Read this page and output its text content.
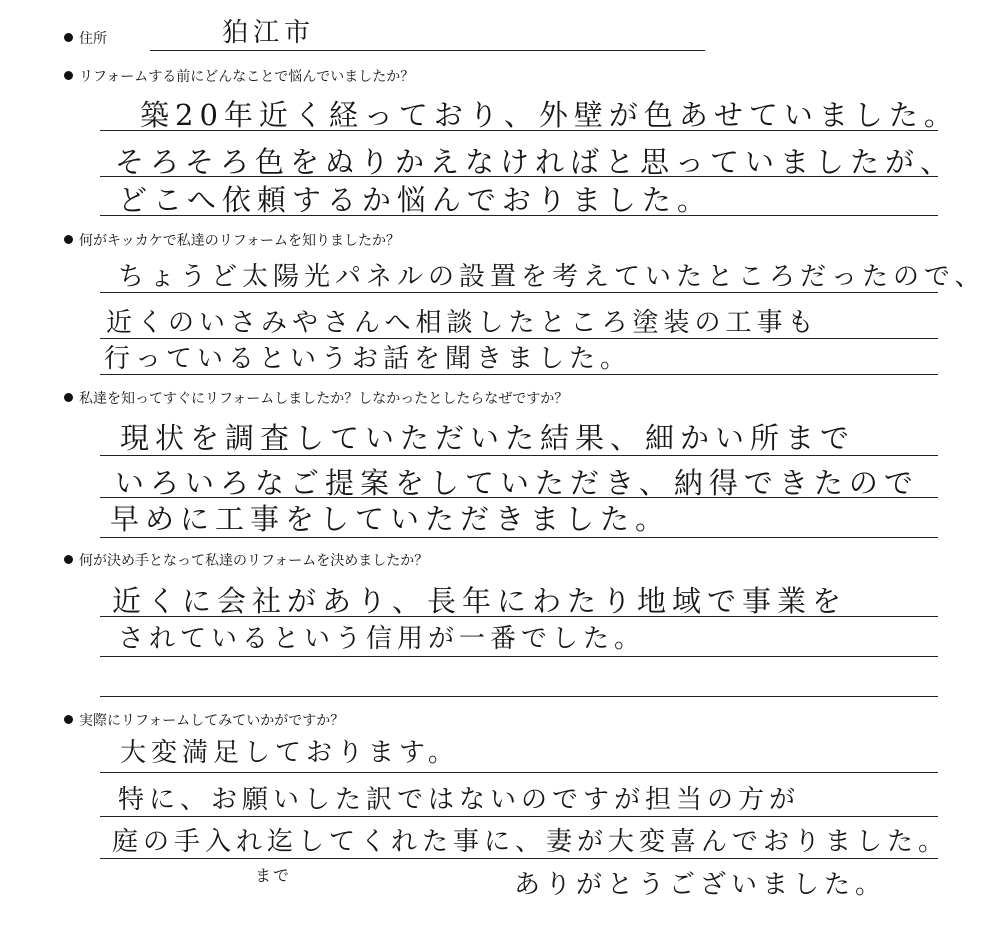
住所	狛江市
リフォームする前にどんなことで悩んでいましたか？
築20年近く経っており、外壁が色あせていました。
そろそろ色をぬりかえなければと思っていましたが、
どこへ依頼するか悩んでおりました。
何がキッカケで私達のリフォームを知りましたか？
ちょうど太陽光パネルの設置を考えていたところだったので、
近くのいさみやさんへ相談したところ塗装の工事も
行っているというお話を聞きました。
私達を知ってすぐにリフォームしましたか？しなかったとしたらなぜですか？
現状を調査していただいた結果、細かい所まで
いろいろなご提案をしていただき、納得できたので
早めに工事をしていただきました。
何が決め手となって私達のリフォームを決めましたか？
近くに会社があり、長年にわたり地域で事業を
されているという信用が一番でした。
実際にリフォームしてみていかがですか？
大変満足しております。
特に、お願いした訳ではないのですが担当の方が
庭の手入れ迄してくれた事に、妻が大変喜んでおりました。
まで	ありがとうございました。
